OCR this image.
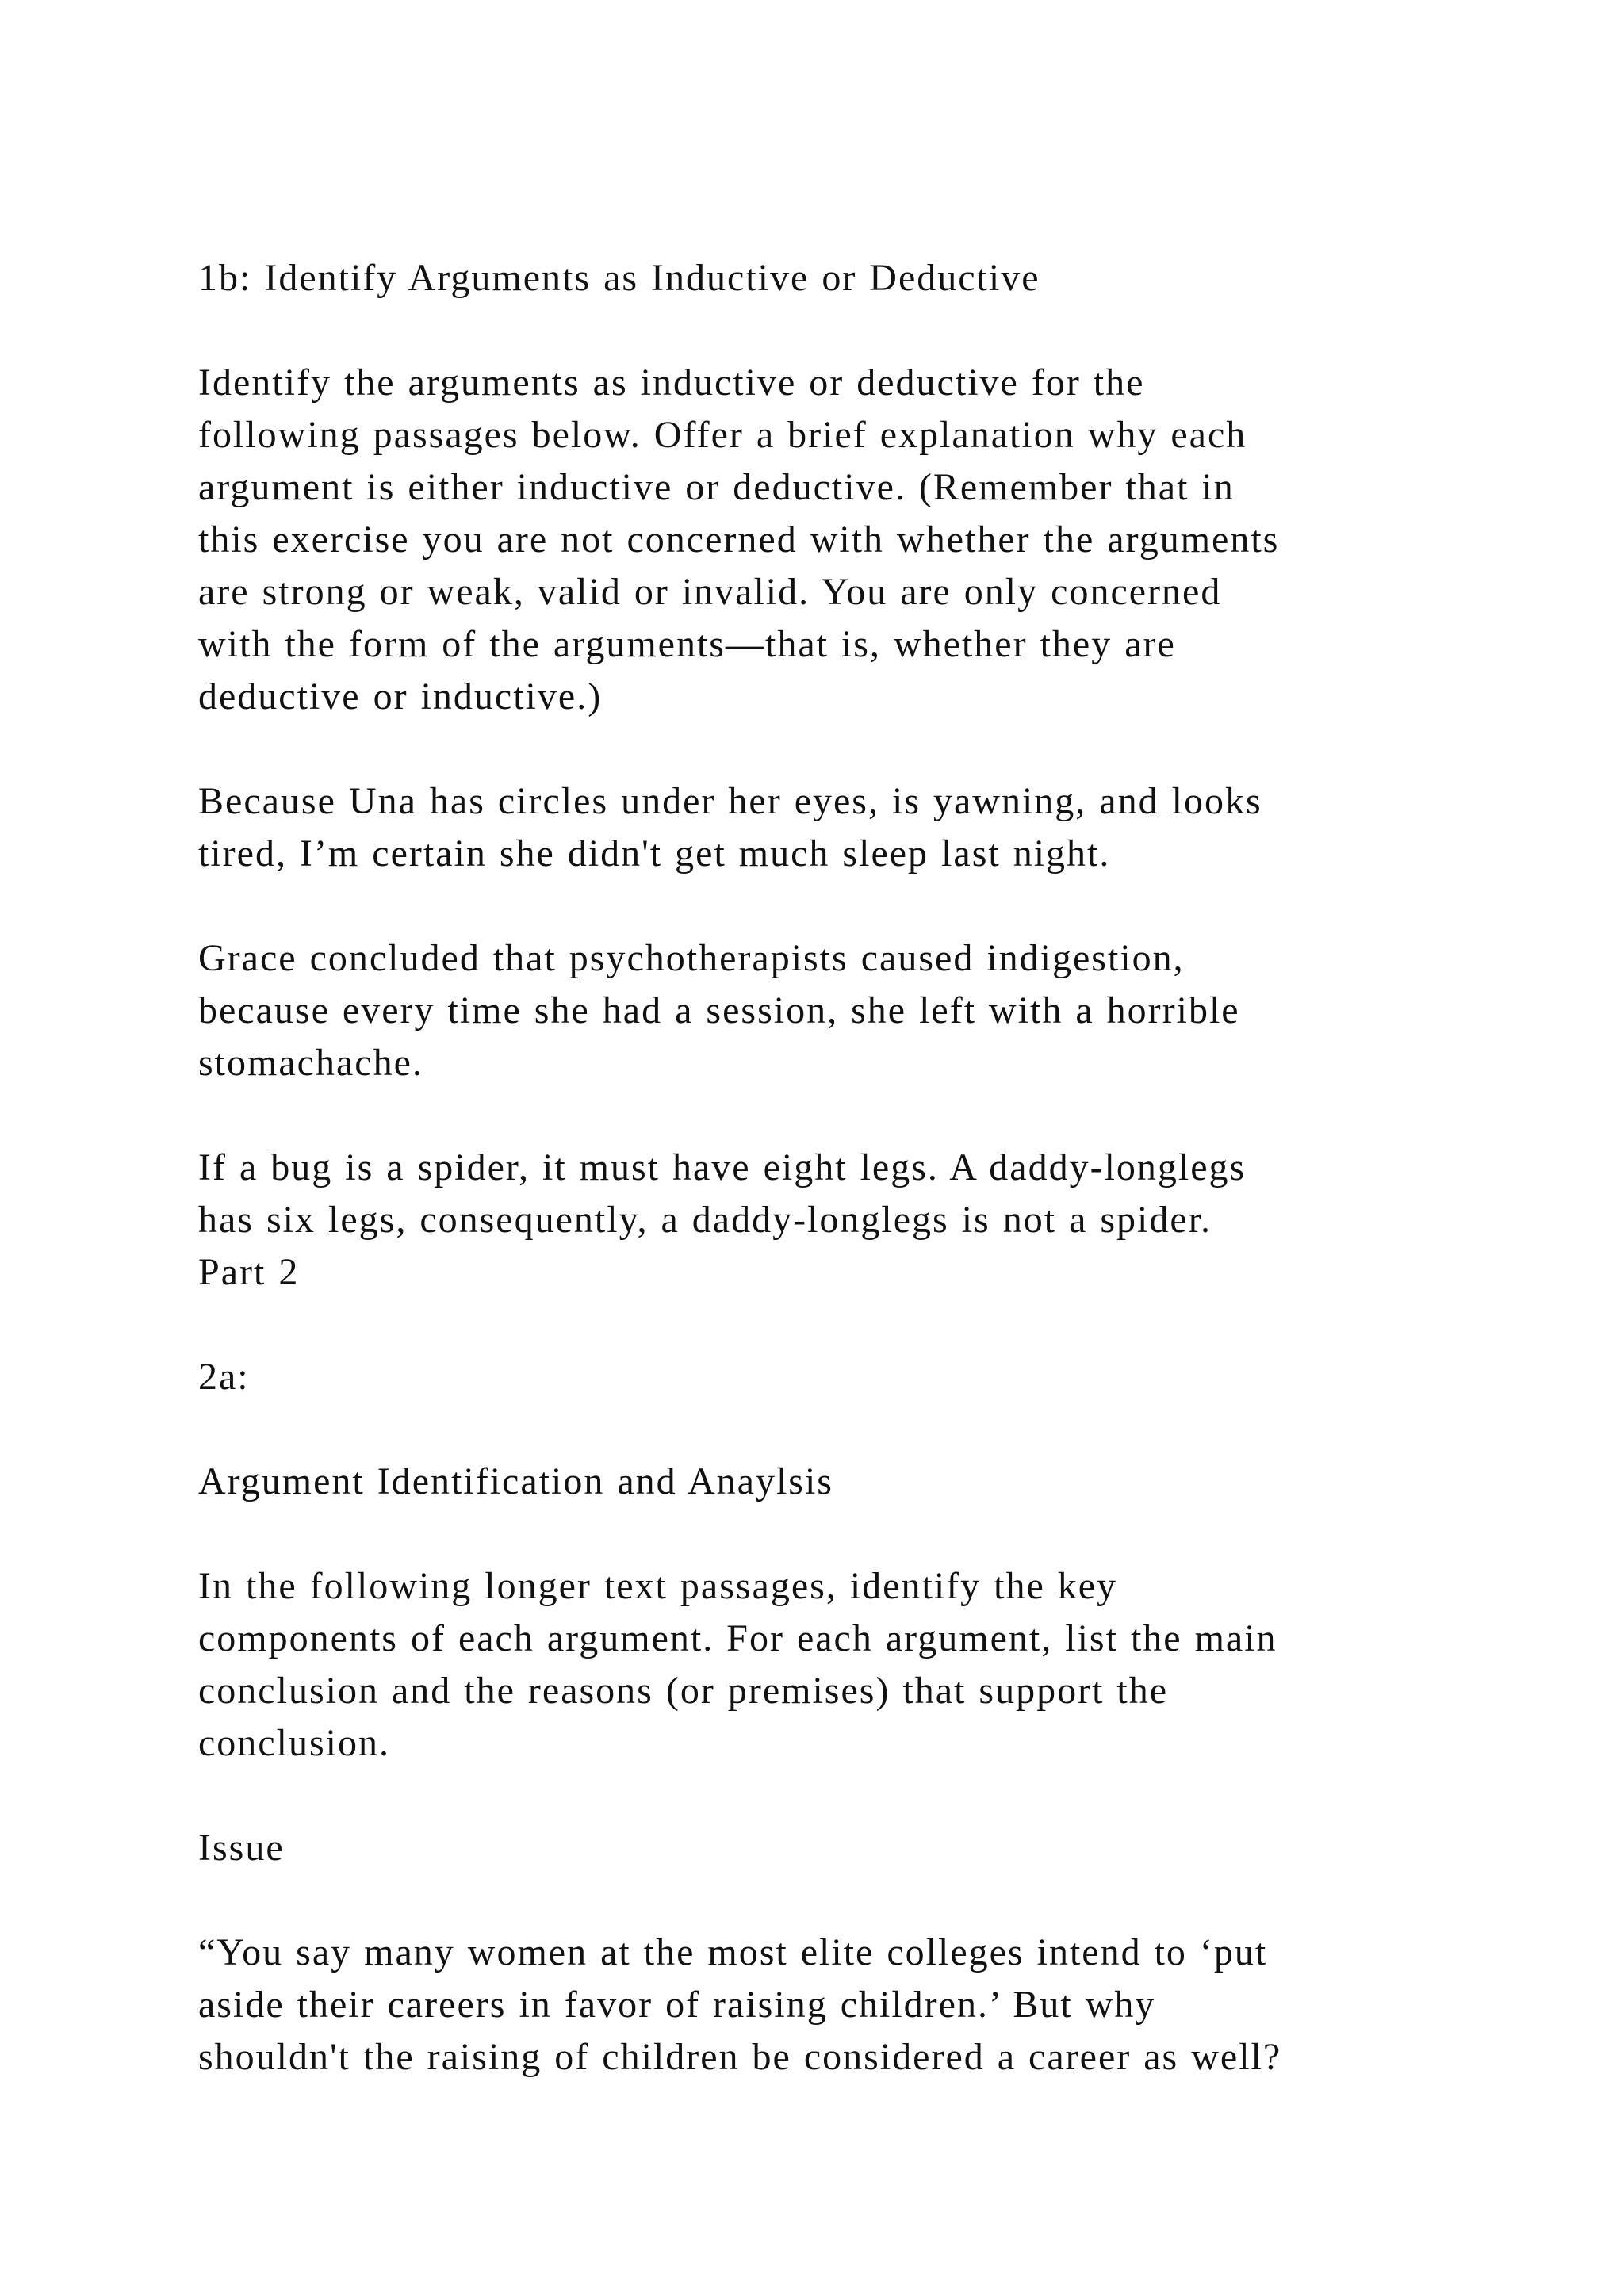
1b: Identify Arguments as Inductive or Deductive

Identify the arguments as inductive or deductive for the
following passages below. Offer a brief explanation why each
argument is either inductive or deductive. (Remember that in
this exercise you are not concerned with whether the arguments
are strong or weak, valid or invalid. You are only concerned
with the form of the arguments—that is, whether they are
deductive or inductive.)

Because Una has circles under her eyes, is yawning, and looks
tired, I’m certain she didn't get much sleep last night.

Grace concluded that psychotherapists caused indigestion,
because every time she had a session, she left with a horrible
stomachache.

If a bug is a spider, it must have eight legs. A daddy-longlegs
has six legs, consequently, a daddy-longlegs is not a spider.

Part 2

2a:

Argument Identification and Anaylsis

In the following longer text passages, identify the key
components of each argument. For each argument, list the main
conclusion and the reasons (or premises) that support the
conclusion.

Issue

“You say many women at the most elite colleges intend to ‘put
aside their careers in favor of raising children.’ But why
shouldn't the raising of children be considered a career as well?
